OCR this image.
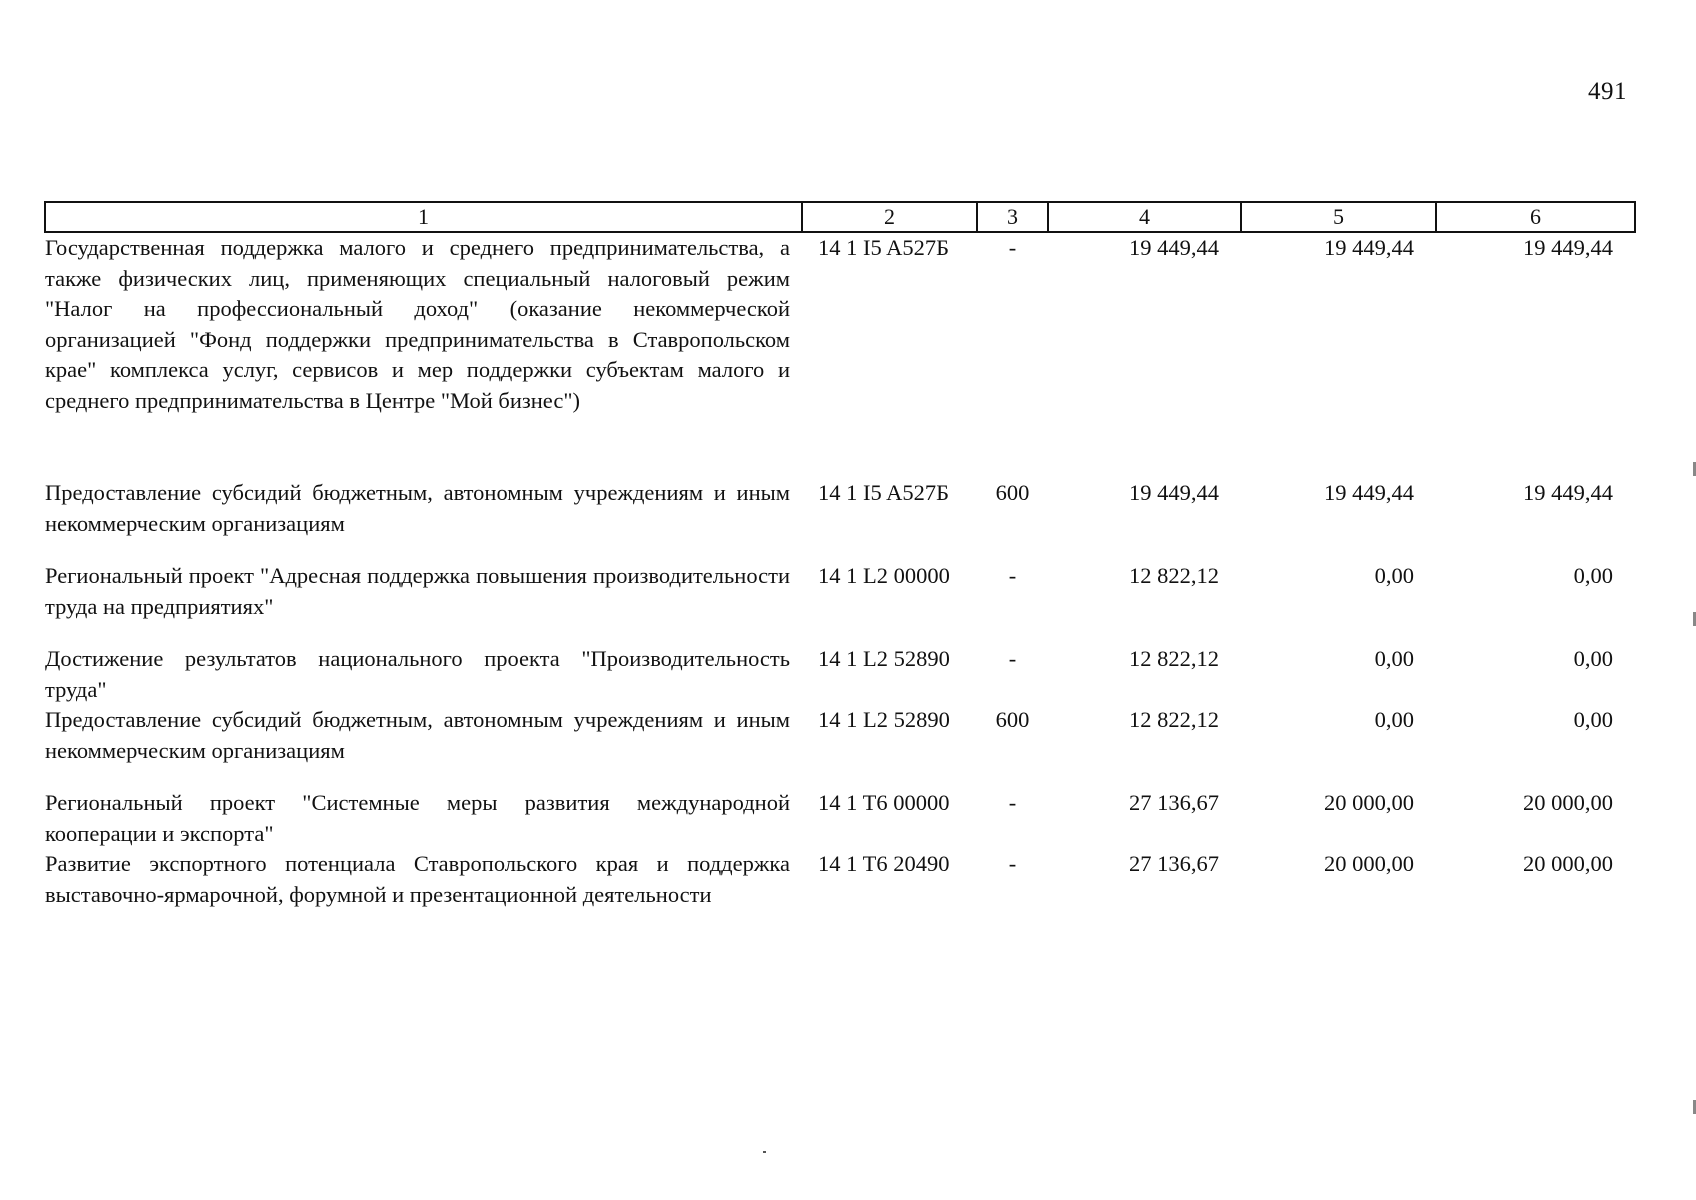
491
1	2	3	4	5	6
Государственная поддержка малого и среднего предпринимательства, а также физических лиц, применяющих специальный налоговый режим "Налог на профессиональный доход" (оказание некоммерческой организацией "Фонд поддержки предпринимательства в Ставропольском крае" комплекса услуг, сервисов и мер поддержки субъектам малого и среднего предпринимательства в Центре "Мой бизнес")	14 1 I5 A527Б	-	19 449,44	19 449,44	19 449,44

Предоставление субсидий бюджетным, автономным учреждениям и иным некоммерческим организациям	14 1 I5 A527Б	600	19 449,44	19 449,44	19 449,44

Региональный проект "Адресная поддержка повышения производительности труда на предприятиях"	14 1 L2 00000	-	12 822,12	0,00	0,00

Достижение результатов национального проекта "Производительность труда"	14 1 L2 52890	-	12 822,12	0,00	0,00
Предоставление субсидий бюджетным, автономным учреждениям и иным некоммерческим организациям	14 1 L2 52890	600	12 822,12	0,00	0,00

Региональный проект "Системные меры развития международной кооперации и экспорта"	14 1 T6 00000	-	27 136,67	20 000,00	20 000,00
Развитие экспортного потенциала Ставропольского края и поддержка выставочно-ярмарочной, форумной и презентационной деятельности	14 1 T6 20490	-	27 136,67	20 000,00	20 000,00
